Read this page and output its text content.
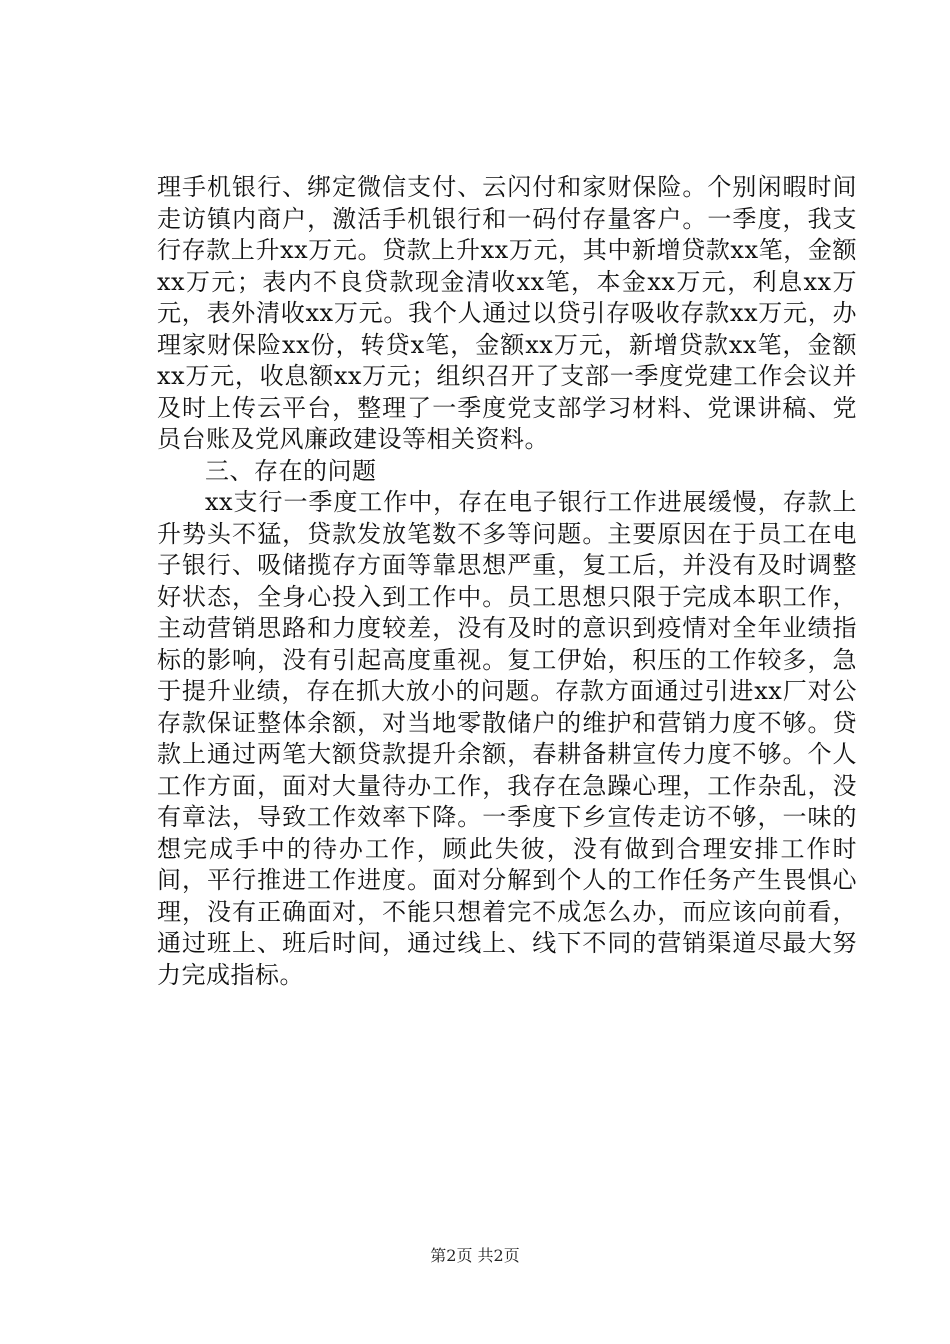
理手机银行、绑定微信支付、云闪付和家财保险。个别闲暇时间走访镇内商户，激活手机银行和一码付存量客户。一季度，我支行存款上升xx万元。贷款上升xx万元，其中新增贷款xx笔，金额xx万元；表内不良贷款现金清收xx笔，本金xx万元，利息xx万元，表外清收xx万元。我个人通过以贷引存吸收存款xx万元，办理家财保险xx份，转贷x笔，金额xx万元，新增贷款xx笔，金额xx万元，收息额xx万元；组织召开了支部一季度党建工作会议并及时上传云平台，整理了一季度党支部学习材料、党课讲稿、党员台账及党风廉政建设等相关资料。

三、存在的问题

xx支行一季度工作中，存在电子银行工作进展缓慢，存款上升势头不猛，贷款发放笔数不多等问题。主要原因在于员工在电子银行、吸储揽存方面等靠思想严重，复工后，并没有及时调整好状态，全身心投入到工作中。员工思想只限于完成本职工作，主动营销思路和力度较差，没有及时的意识到疫情对全年业绩指标的影响，没有引起高度重视。复工伊始，积压的工作较多，急于提升业绩，存在抓大放小的问题。存款方面通过引进xx厂对公存款保证整体余额，对当地零散储户的维护和营销力度不够。贷款上通过两笔大额贷款提升余额，春耕备耕宣传力度不够。个人工作方面，面对大量待办工作，我存在急躁心理，工作杂乱，没有章法，导致工作效率下降。一季度下乡宣传走访不够，一味的想完成手中的待办工作，顾此失彼，没有做到合理安排工作时间，平行推进工作进度。面对分解到个人的工作任务产生畏惧心理，没有正确面对，不能只想着完不成怎么办，而应该向前看，通过班上、班后时间，通过线上、线下不同的营销渠道尽最大努力完成指标。

第2页 共2页
